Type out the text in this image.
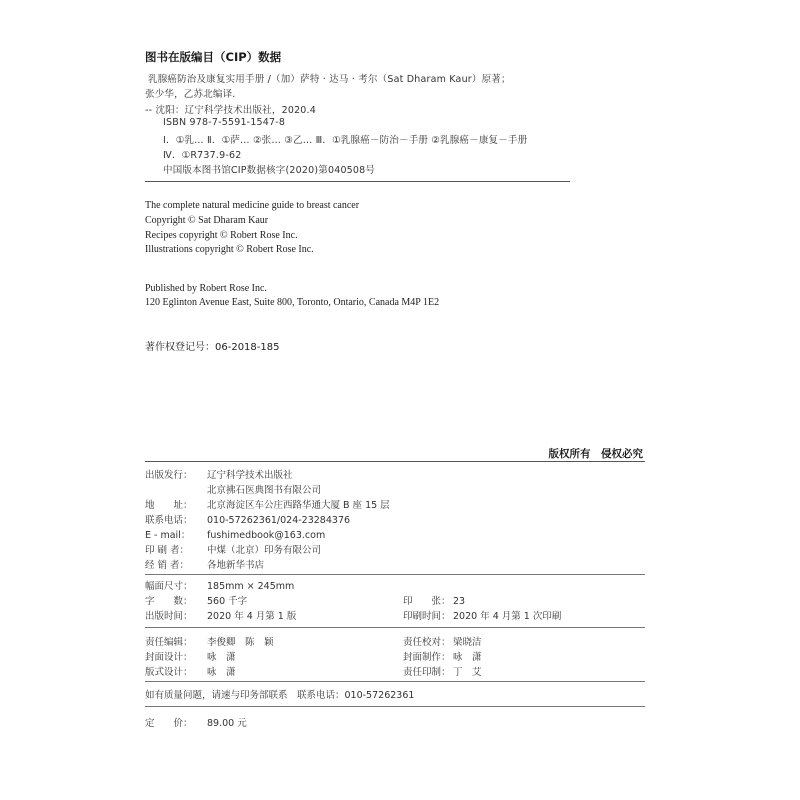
图书在版编目（CIP）数据
乳腺癌防治及康复实用手册 /（加）萨特 · 达马 · 考尔（Sat Dharam Kaur）原著；
张少华，乙苏北编译．
-- 沈阳：辽宁科学技术出版社，2020.4
ISBN 978-7-5591-1547-8
Ⅰ．①乳… Ⅱ．①萨… ②张… ③乙… Ⅲ．①乳腺癌－防治－手册 ②乳腺癌－康复－手册
Ⅳ．①R737.9-62
中国版本图书馆CIP数据核字(2020)第040508号
The complete natural medicine guide to breast cancer
Copyright © Sat Dharam Kaur
Recipes copyright © Robert Rose Inc.
Illustrations copyright © Robert Rose Inc.
Published by Robert Rose Inc.
120 Eglinton Avenue East, Suite 800, Toronto, Ontario, Canada M4P 1E2
著作权登记号：06-2018-185
版权所有　侵权必究
出版发行： 辽宁科学技术出版社
北京拂石医典图书有限公司
地　　址： 北京海淀区车公庄西路华通大厦 B 座 15 层
联系电话： 010-57262361/024-23284376
E - mail： fushimedbook@163.com
印 刷 者： 中煤（北京）印务有限公司
经 销 者： 各地新华书店
幅面尺寸： 185mm × 245mm
字　　数： 560 千字	印　　张： 23
出版时间： 2020 年 4 月第 1 版	印刷时间： 2020 年 4 月第 1 次印刷
责任编辑： 李俊卿　陈　颖	责任校对： 梁晓洁
封面设计： 咏　潇	封面制作： 咏　潇
版式设计： 咏　潇	责任印制： 丁　艾
如有质量问题，请速与印务部联系　联系电话：010-57262361
定　　价： 89.00 元
